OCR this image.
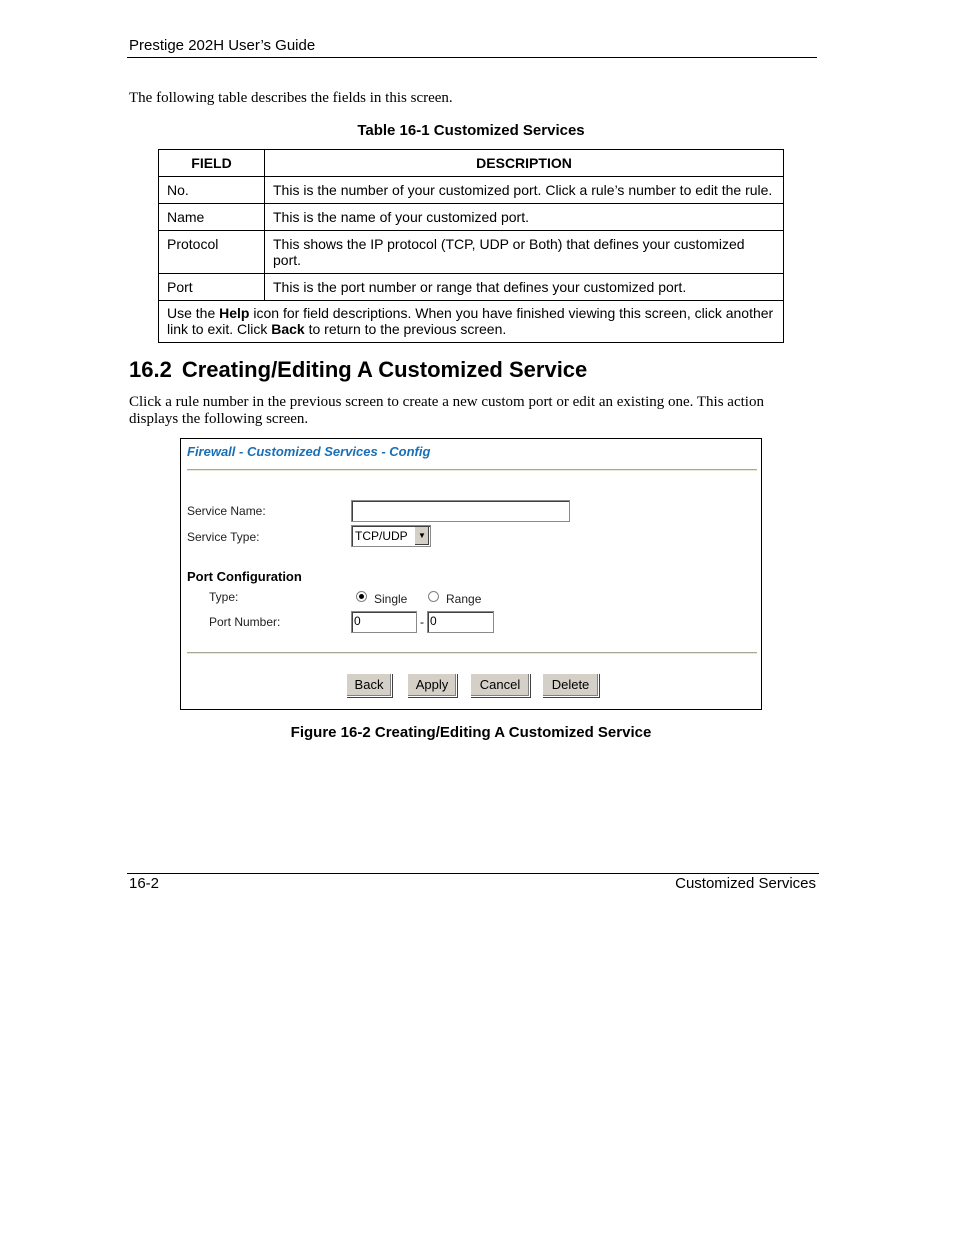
Prestige 202H User’s Guide
The following table describes the fields in this screen.
Table 16-1 Customized Services
FIELD	DESCRIPTION
No.	This is the number of your customized port. Click a rule’s number to edit the rule.
Name	This is the name of your customized port.
Protocol	This shows the IP protocol (TCP, UDP or Both) that defines your customized port.
Port	This is the port number or range that defines your customized port.
Use the Help icon for field descriptions. When you have finished viewing this screen, click another link to exit. Click Back to return to the previous screen.	
16.2 Creating/Editing A Customized Service
Click a rule number in the previous screen to create a new custom port or edit an existing one. This action displays the following screen.
Firewall - Customized Services - Config
Service Name:
Service Type:	TCP/UDP	▼
Port Configuration
Type:	Single	Range
Port Number:	0	- 0
Back	Apply	Cancel	Delete
Figure 16-2 Creating/Editing A Customized Service
16-2	Customized Services
